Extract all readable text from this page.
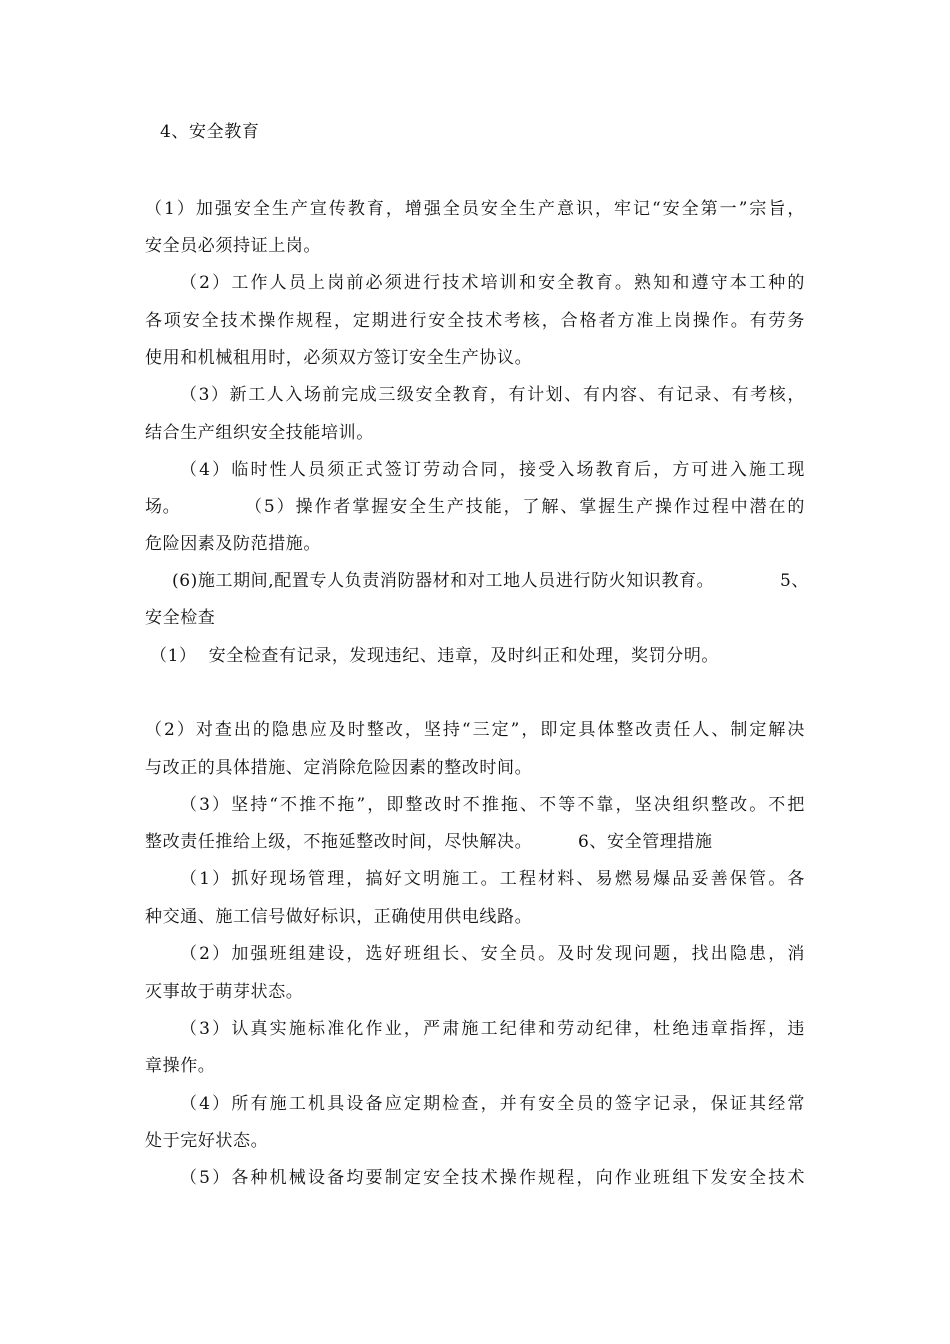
4、安全教育
（1）加强安全生产宣传教育，增强全员安全生产意识，牢记“安全第一”宗旨，
安全员必须持证上岗。
（2）工作人员上岗前必须进行技术培训和安全教育。熟知和遵守本工种的
各项安全技术操作规程，定期进行安全技术考核，合格者方准上岗操作。有劳务
使用和机械租用时，必须双方签订安全生产协议。
（3）新工人入场前完成三级安全教育，有计划、有内容、有记录、有考核，
结合生产组织安全技能培训。
（4）临时性人员须正式签订劳动合同，接受入场教育后，方可进入施工现
场。	（5）操作者掌握安全生产技能，了解、掌握生产操作过程中潜在的
危险因素及防范措施。
(6)施工期间,配置专人负责消防器材和对工地人员进行防火知识教育。	5、
安全检查
（1）  安全检查有记录，发现违纪、违章，及时纠正和处理，奖罚分明。
（2）对查出的隐患应及时整改，坚持“三定”，即定具体整改责任人、制定解决
与改正的具体措施、定消除危险因素的整改时间。
（3）坚持“不推不拖”，即整改时不推拖、不等不靠，坚决组织整改。不把
整改责任推给上级，不拖延整改时间，尽快解决。	6、安全管理措施
（1）抓好现场管理，搞好文明施工。工程材料、易燃易爆品妥善保管。各
种交通、施工信号做好标识，正确使用供电线路。
（2）加强班组建设，选好班组长、安全员。及时发现问题，找出隐患，消
灭事故于萌芽状态。
（3）认真实施标准化作业，严肃施工纪律和劳动纪律，杜绝违章指挥，违
章操作。
（4）所有施工机具设备应定期检查，并有安全员的签字记录，保证其经常
处于完好状态。
（5）各种机械设备均要制定安全技术操作规程，向作业班组下发安全技术
